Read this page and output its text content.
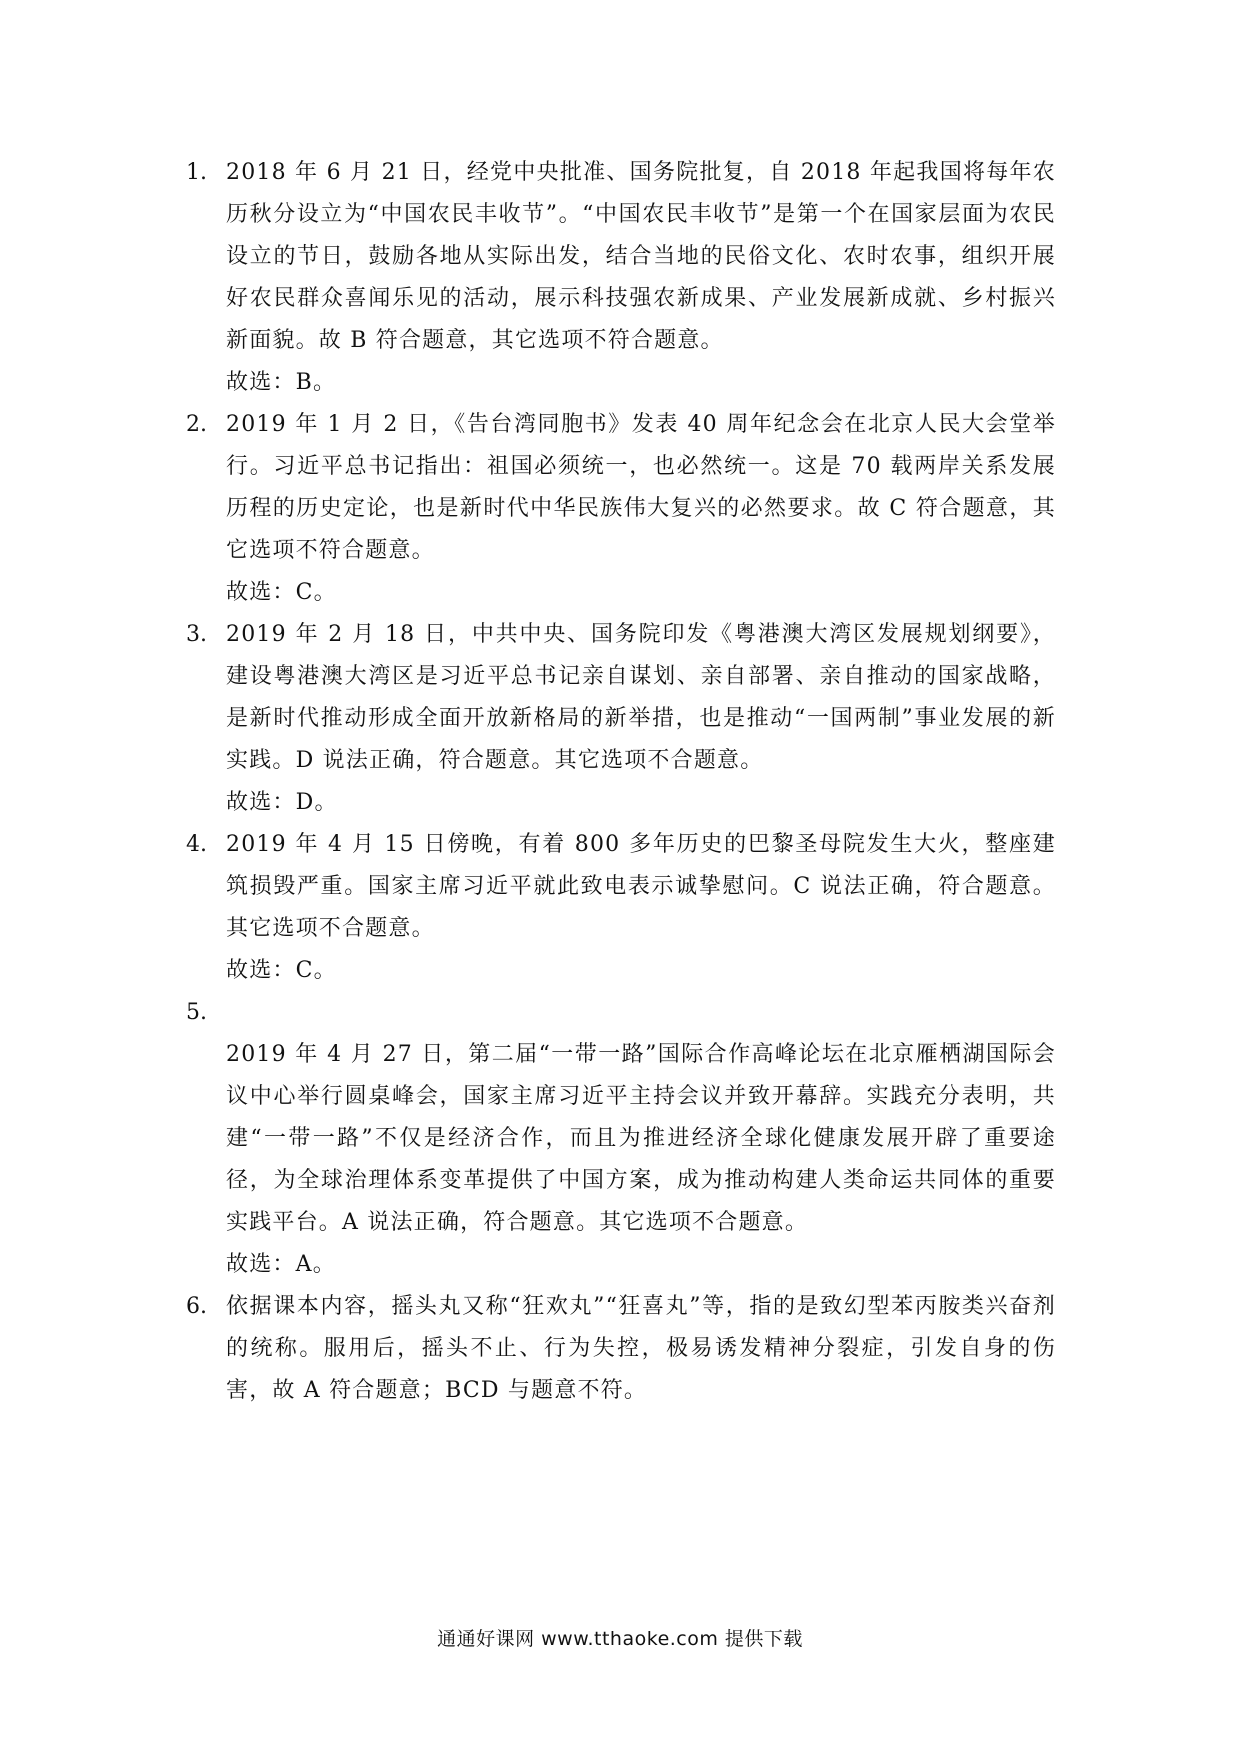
1. 2018 年 6 月 21 日，经党中央批准、国务院批复，自 2018 年起我国将每年农历秋分设立为“中国农民丰收节”。“中国农民丰收节”是第一个在国家层面为农民设立的节日，鼓励各地从实际出发，结合当地的民俗文化、农时农事，组织开展好农民群众喜闻乐见的活动，展示科技强农新成果、产业发展新成就、乡村振兴新面貌。故 B 符合题意，其它选项不符合题意。

故选：B。

2. 2019 年 1 月 2 日，《告台湾同胞书》发表 40 周年纪念会在北京人民大会堂举行。习近平总书记指出：祖国必须统一，也必然统一。这是 70 载两岸关系发展历程的历史定论，也是新时代中华民族伟大复兴的必然要求。故 C 符合题意，其它选项不符合题意。

故选：C。

3. 2019 年 2 月 18 日，中共中央、国务院印发《粤港澳大湾区发展规划纲要》，建设粤港澳大湾区是习近平总书记亲自谋划、亲自部署、亲自推动的国家战略，是新时代推动形成全面开放新格局的新举措，也是推动“一国两制”事业发展的新实践。D 说法正确，符合题意。其它选项不合题意。

故选：D。

4. 2019 年 4 月 15 日傍晚，有着 800 多年历史的巴黎圣母院发生大火，整座建筑损毁严重。国家主席习近平就此致电表示诚挚慰问。C 说法正确，符合题意。其它选项不合题意。

故选：C。

5.

2019 年 4 月 27 日，第二届“一带一路”国际合作高峰论坛在北京雁栖湖国际会议中心举行圆桌峰会，国家主席习近平主持会议并致开幕辞。实践充分表明，共建“一带一路”不仅是经济合作，而且为推进经济全球化健康发展开辟了重要途径，为全球治理体系变革提供了中国方案，成为推动构建人类命运共同体的重要实践平台。A 说法正确，符合题意。其它选项不合题意。

故选：A。

6. 依据课本内容，摇头丸又称“狂欢丸”“狂喜丸”等，指的是致幻型苯丙胺类兴奋剂的统称。服用后，摇头不止、行为失控，极易诱发精神分裂症，引发自身的伤害，故 A 符合题意；BCD 与题意不符。

通通好课网 www.tthaoke.com 提供下载
